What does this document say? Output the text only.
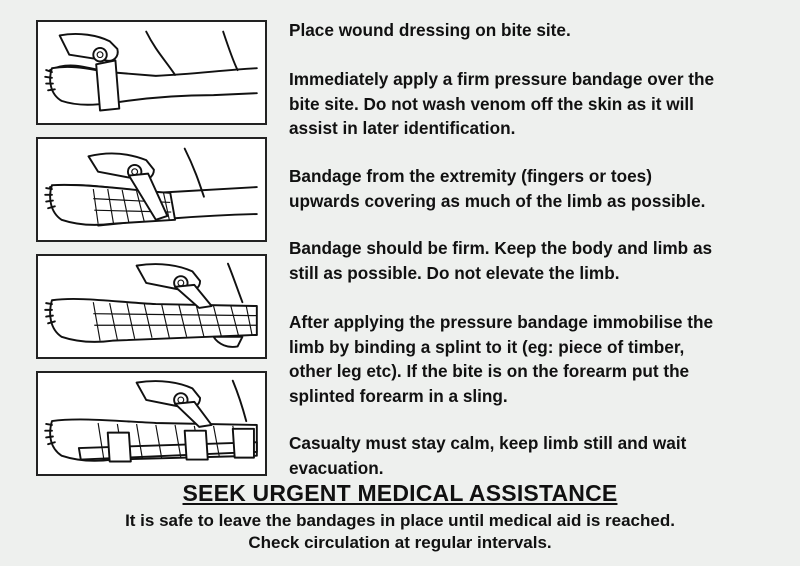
Place wound dressing on bite site.

Immediately apply a firm pressure bandage over the
bite site. Do not wash venom off the skin as it will
assist in later identification.

Bandage from the extremity (fingers or toes)
upwards covering as much of the limb as possible.

Bandage should be firm. Keep the body and limb as
still as possible. Do not elevate the limb.

After applying the pressure bandage immobilise the
limb by binding a splint to it (eg: piece of timber,
other leg etc). If the bite is on the forearm put the
splinted forearm in a sling.

Casualty must stay calm, keep limb still and wait
evacuation.

SEEK URGENT MEDICAL ASSISTANCE

It is safe to leave the bandages in place until medical aid is reached.

Check circulation at regular intervals.
